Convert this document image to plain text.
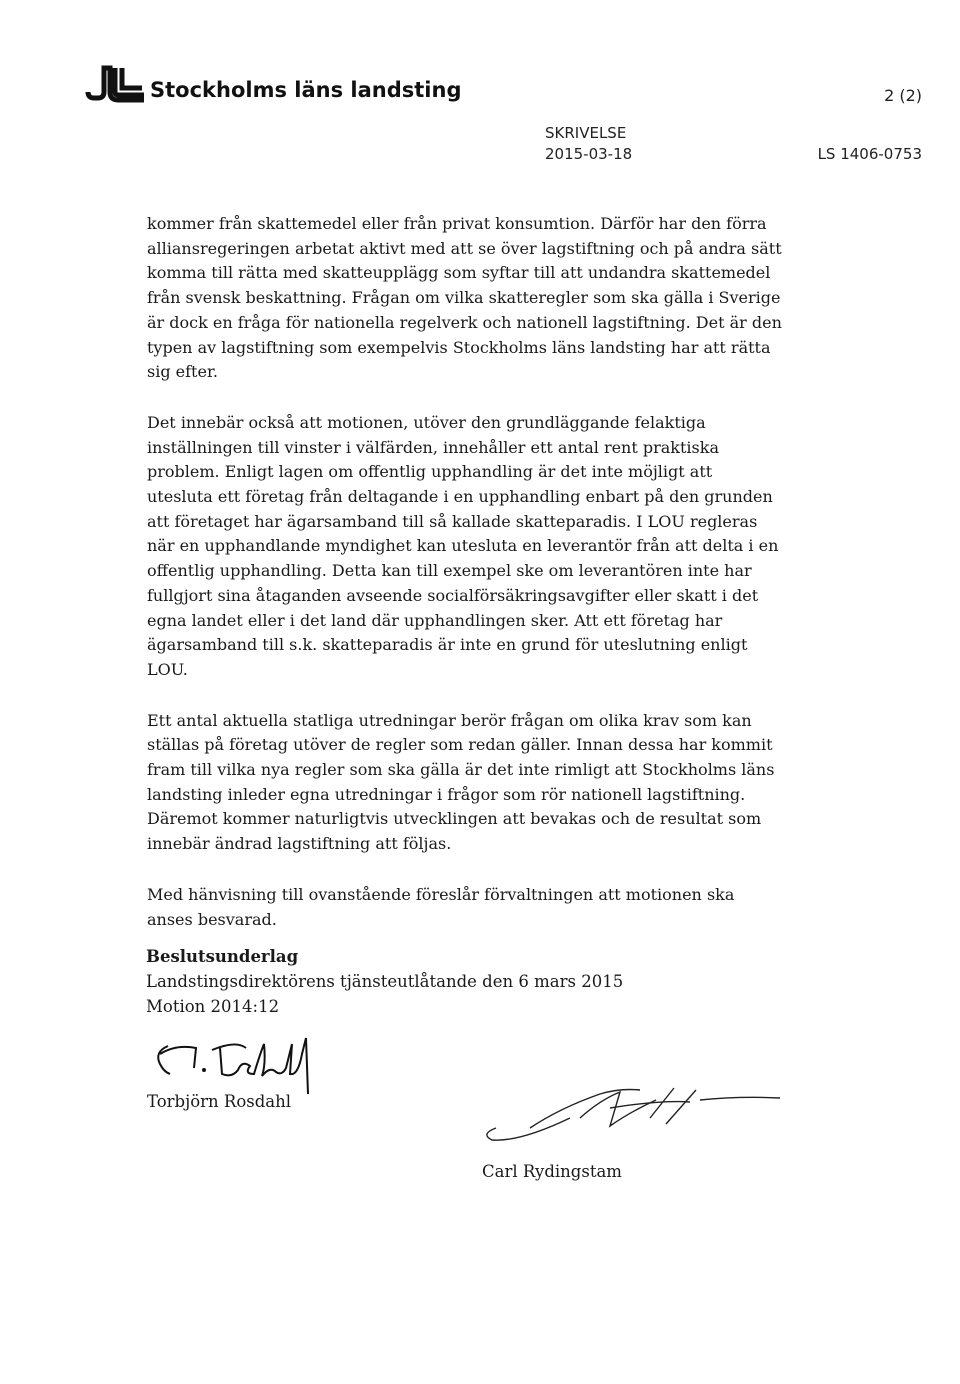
Stockholms läns landsting	2 (2)
SKRIVELSE
2015-03-18	LS 1406-0753

kommer från skattemedel eller från privat konsumtion. Därför har den förra alliansregeringen arbetat aktivt med att se över lagstiftning och på andra sätt komma till rätta med skatteupplägg som syftar till att undandra skattemedel från svensk beskattning. Frågan om vilka skatteregler som ska gälla i Sverige är dock en fråga för nationella regelverk och nationell lagstiftning. Det är den typen av lagstiftning som exempelvis Stockholms läns landsting har att rätta sig efter.

Det innebär också att motionen, utöver den grundläggande felaktiga inställningen till vinster i välfärden, innehåller ett antal rent praktiska problem. Enligt lagen om offentlig upphandling är det inte möjligt att utesluta ett företag från deltagande i en upphandling enbart på den grunden att företaget har ägarsamband till så kallade skatteparadis. I LOU regleras när en upphandlande myndighet kan utesluta en leverantör från att delta i en offentlig upphandling. Detta kan till exempel ske om leverantören inte har fullgjort sina åtaganden avseende socialförsäkringsavgifter eller skatt i det egna landet eller i det land där upphandlingen sker. Att ett företag har ägarsamband till s.k. skatteparadis är inte en grund för uteslutning enligt LOU.

Ett antal aktuella statliga utredningar berör frågan om olika krav som kan ställas på företag utöver de regler som redan gäller. Innan dessa har kommit fram till vilka nya regler som ska gälla är det inte rimligt att Stockholms läns landsting inleder egna utredningar i frågor som rör nationell lagstiftning. Däremot kommer naturligtvis utvecklingen att bevakas och de resultat som innebär ändrad lagstiftning att följas.

Med hänvisning till ovanstående föreslår förvaltningen att motionen ska anses besvarad.

Beslutsunderlag
Landstingsdirektörens tjänsteutlåtande den 6 mars 2015
Motion 2014:12
Torbjörn Rosdahl
Carl Rydingstam
